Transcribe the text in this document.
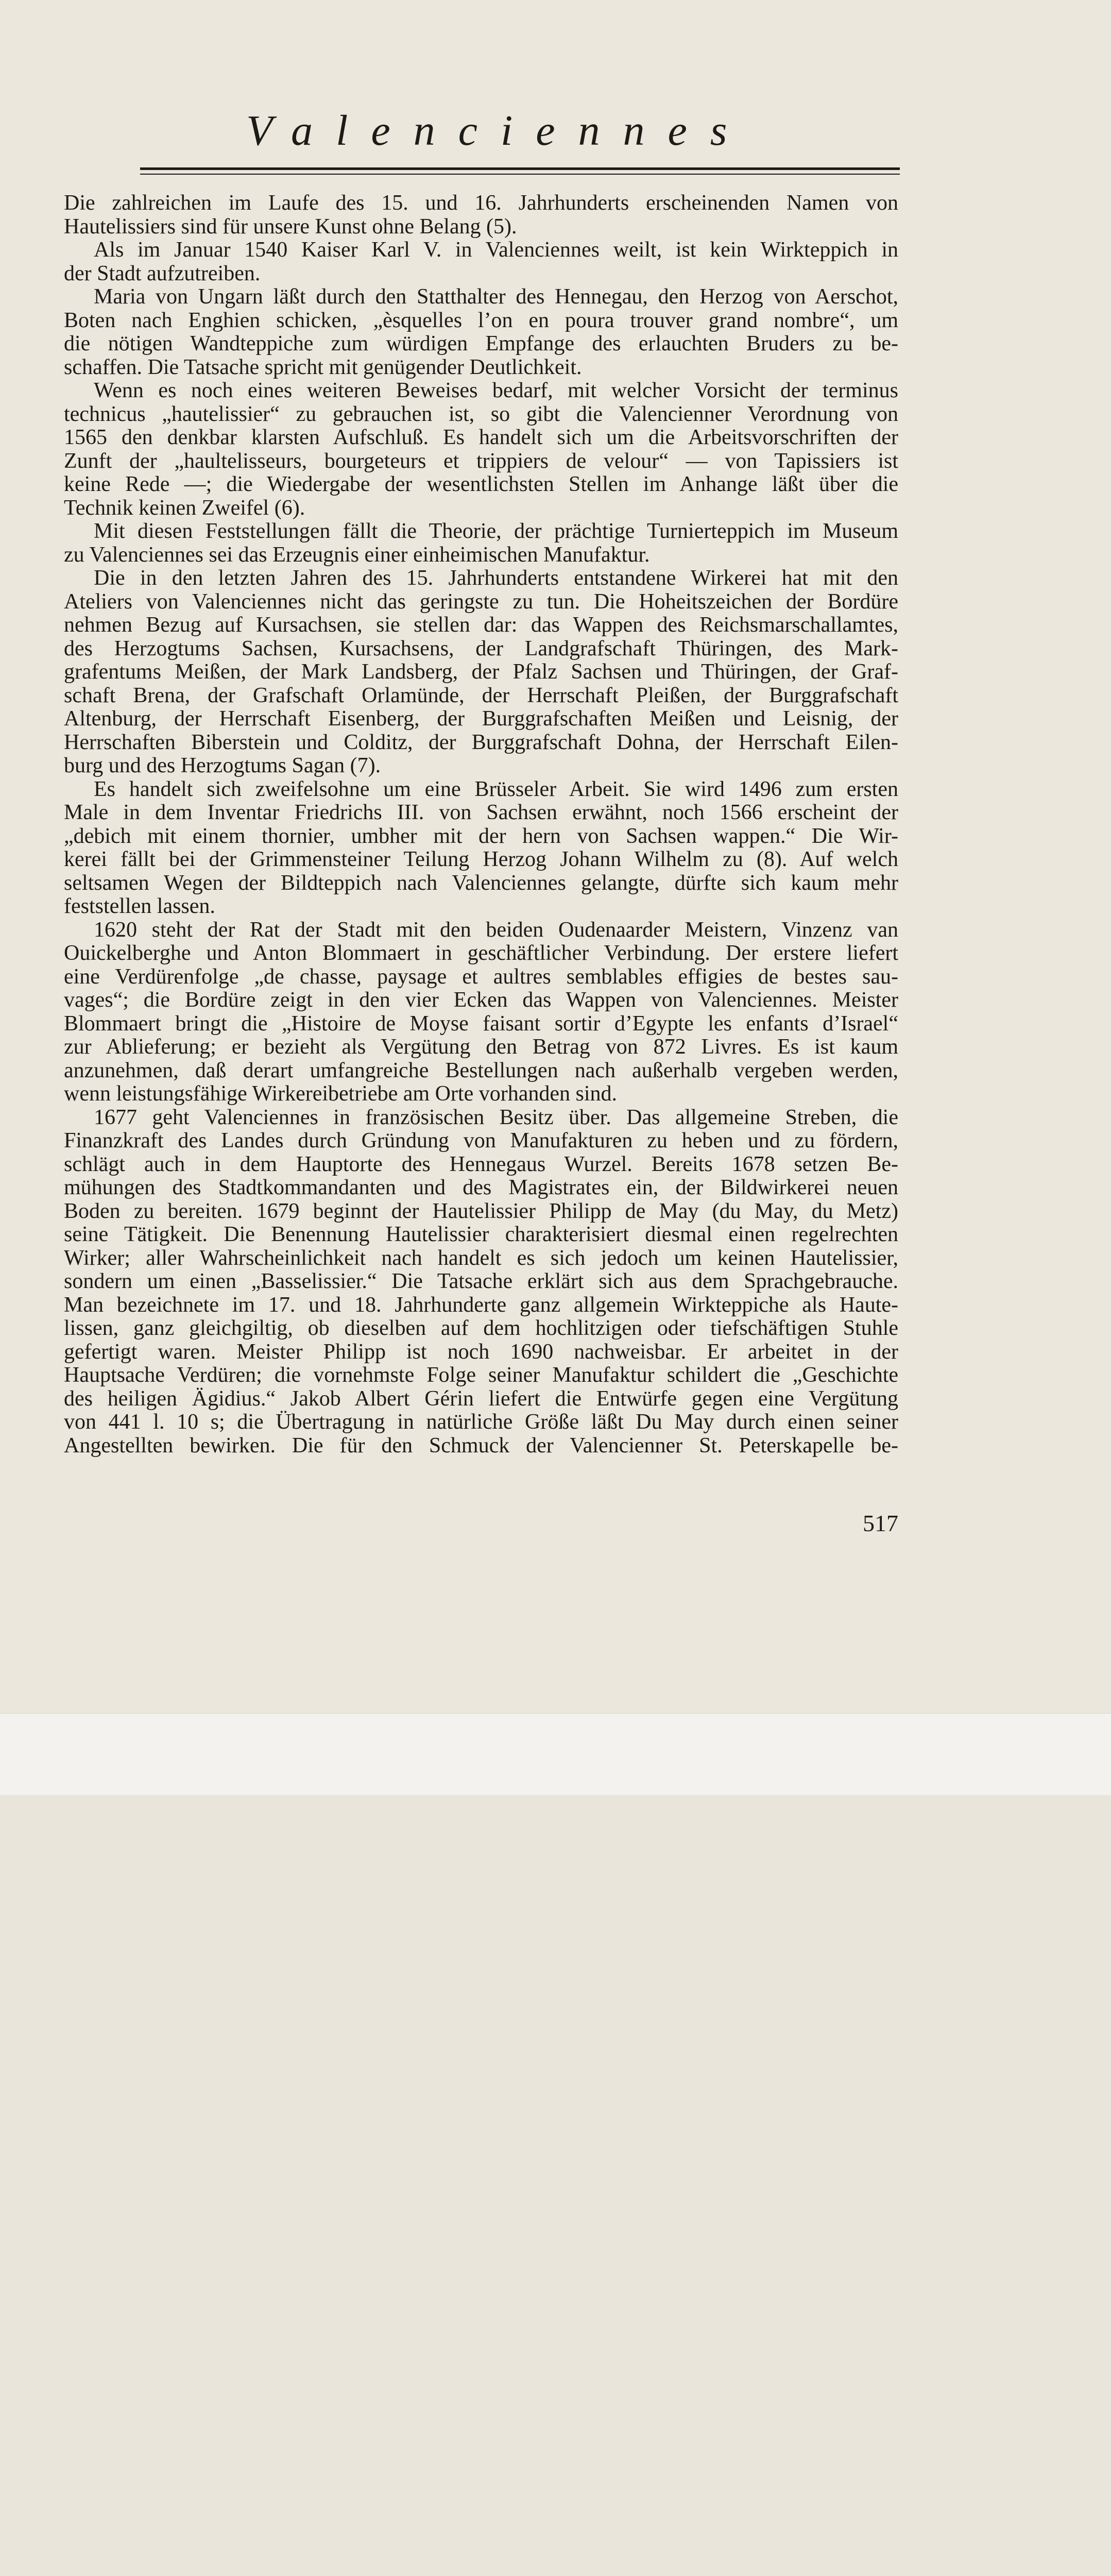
Valenciennes
Die zahlreichen im Laufe des 15. und 16. Jahrhunderts erscheinenden Namen von
Hautelissiers sind für unsere Kunst ohne Belang (5).
Als im Januar 1540 Kaiser Karl V. in Valenciennes weilt, ist kein Wirkteppich in
der Stadt aufzutreiben.
Maria von Ungarn läßt durch den Statthalter des Hennegau, den Herzog von Aerschot,
Boten nach Enghien schicken, „èsquelles l’on en poura trouver grand nombre“, um
die nötigen Wandteppiche zum würdigen Empfange des erlauchten Bruders zu be-
schaffen. Die Tatsache spricht mit genügender Deutlichkeit.
Wenn es noch eines weiteren Beweises bedarf, mit welcher Vorsicht der terminus
technicus „hautelissier“ zu gebrauchen ist, so gibt die Valencienner Verordnung von
1565 den denkbar klarsten Aufschluß. Es handelt sich um die Arbeitsvorschriften der
Zunft der „haultelisseurs, bourgeteurs et trippiers de velour“ — von Tapissiers ist
keine Rede —; die Wiedergabe der wesentlichsten Stellen im Anhange läßt über die
Technik keinen Zweifel (6).
Mit diesen Feststellungen fällt die Theorie, der prächtige Turnierteppich im Museum
zu Valenciennes sei das Erzeugnis einer einheimischen Manufaktur.
Die in den letzten Jahren des 15. Jahrhunderts entstandene Wirkerei hat mit den
Ateliers von Valenciennes nicht das geringste zu tun. Die Hoheitszeichen der Bordüre
nehmen Bezug auf Kursachsen, sie stellen dar: das Wappen des Reichsmarschallamtes,
des Herzogtums Sachsen, Kursachsens, der Landgrafschaft Thüringen, des Mark-
grafentums Meißen, der Mark Landsberg, der Pfalz Sachsen und Thüringen, der Graf-
schaft Brena, der Grafschaft Orlamünde, der Herrschaft Pleißen, der Burggrafschaft
Altenburg, der Herrschaft Eisenberg, der Burggrafschaften Meißen und Leisnig, der
Herrschaften Biberstein und Colditz, der Burggrafschaft Dohna, der Herrschaft Eilen-
burg und des Herzogtums Sagan (7).
Es handelt sich zweifelsohne um eine Brüsseler Arbeit. Sie wird 1496 zum ersten
Male in dem Inventar Friedrichs III. von Sachsen erwähnt, noch 1566 erscheint der
„debich mit einem thornier, umbher mit der hern von Sachsen wappen.“ Die Wir-
kerei fällt bei der Grimmensteiner Teilung Herzog Johann Wilhelm zu (8). Auf welch
seltsamen Wegen der Bildteppich nach Valenciennes gelangte, dürfte sich kaum mehr
feststellen lassen.
1620 steht der Rat der Stadt mit den beiden Oudenaarder Meistern, Vinzenz van
Ouickelberghe und Anton Blommaert in geschäftlicher Verbindung. Der erstere liefert
eine Verdürenfolge „de chasse, paysage et aultres semblables effigies de bestes sau-
vages“; die Bordüre zeigt in den vier Ecken das Wappen von Valenciennes. Meister
Blommaert bringt die „Histoire de Moyse faisant sortir d’Egypte les enfants d’Israel“
zur Ablieferung; er bezieht als Vergütung den Betrag von 872 Livres. Es ist kaum
anzunehmen, daß derart umfangreiche Bestellungen nach außerhalb vergeben werden,
wenn leistungsfähige Wirkereibetriebe am Orte vorhanden sind.
1677 geht Valenciennes in französischen Besitz über. Das allgemeine Streben, die
Finanzkraft des Landes durch Gründung von Manufakturen zu heben und zu fördern,
schlägt auch in dem Hauptorte des Hennegaus Wurzel. Bereits 1678 setzen Be-
mühungen des Stadtkommandanten und des Magistrates ein, der Bildwirkerei neuen
Boden zu bereiten. 1679 beginnt der Hautelissier Philipp de May (du May, du Metz)
seine Tätigkeit. Die Benennung Hautelissier charakterisiert diesmal einen regelrechten
Wirker; aller Wahrscheinlichkeit nach handelt es sich jedoch um keinen Hautelissier,
sondern um einen „Basselissier.“ Die Tatsache erklärt sich aus dem Sprachgebrauche.
Man bezeichnete im 17. und 18. Jahrhunderte ganz allgemein Wirkteppiche als Haute-
lissen, ganz gleichgiltig, ob dieselben auf dem hochlitzigen oder tiefschäftigen Stuhle
gefertigt waren. Meister Philipp ist noch 1690 nachweisbar. Er arbeitet in der
Hauptsache Verdüren; die vornehmste Folge seiner Manufaktur schildert die „Geschichte
des heiligen Ägidius.“ Jakob Albert Gérin liefert die Entwürfe gegen eine Vergütung
von 441 l. 10 s; die Übertragung in natürliche Größe läßt Du May durch einen seiner
Angestellten bewirken. Die für den Schmuck der Valencienner St. Peterskapelle be-
517
